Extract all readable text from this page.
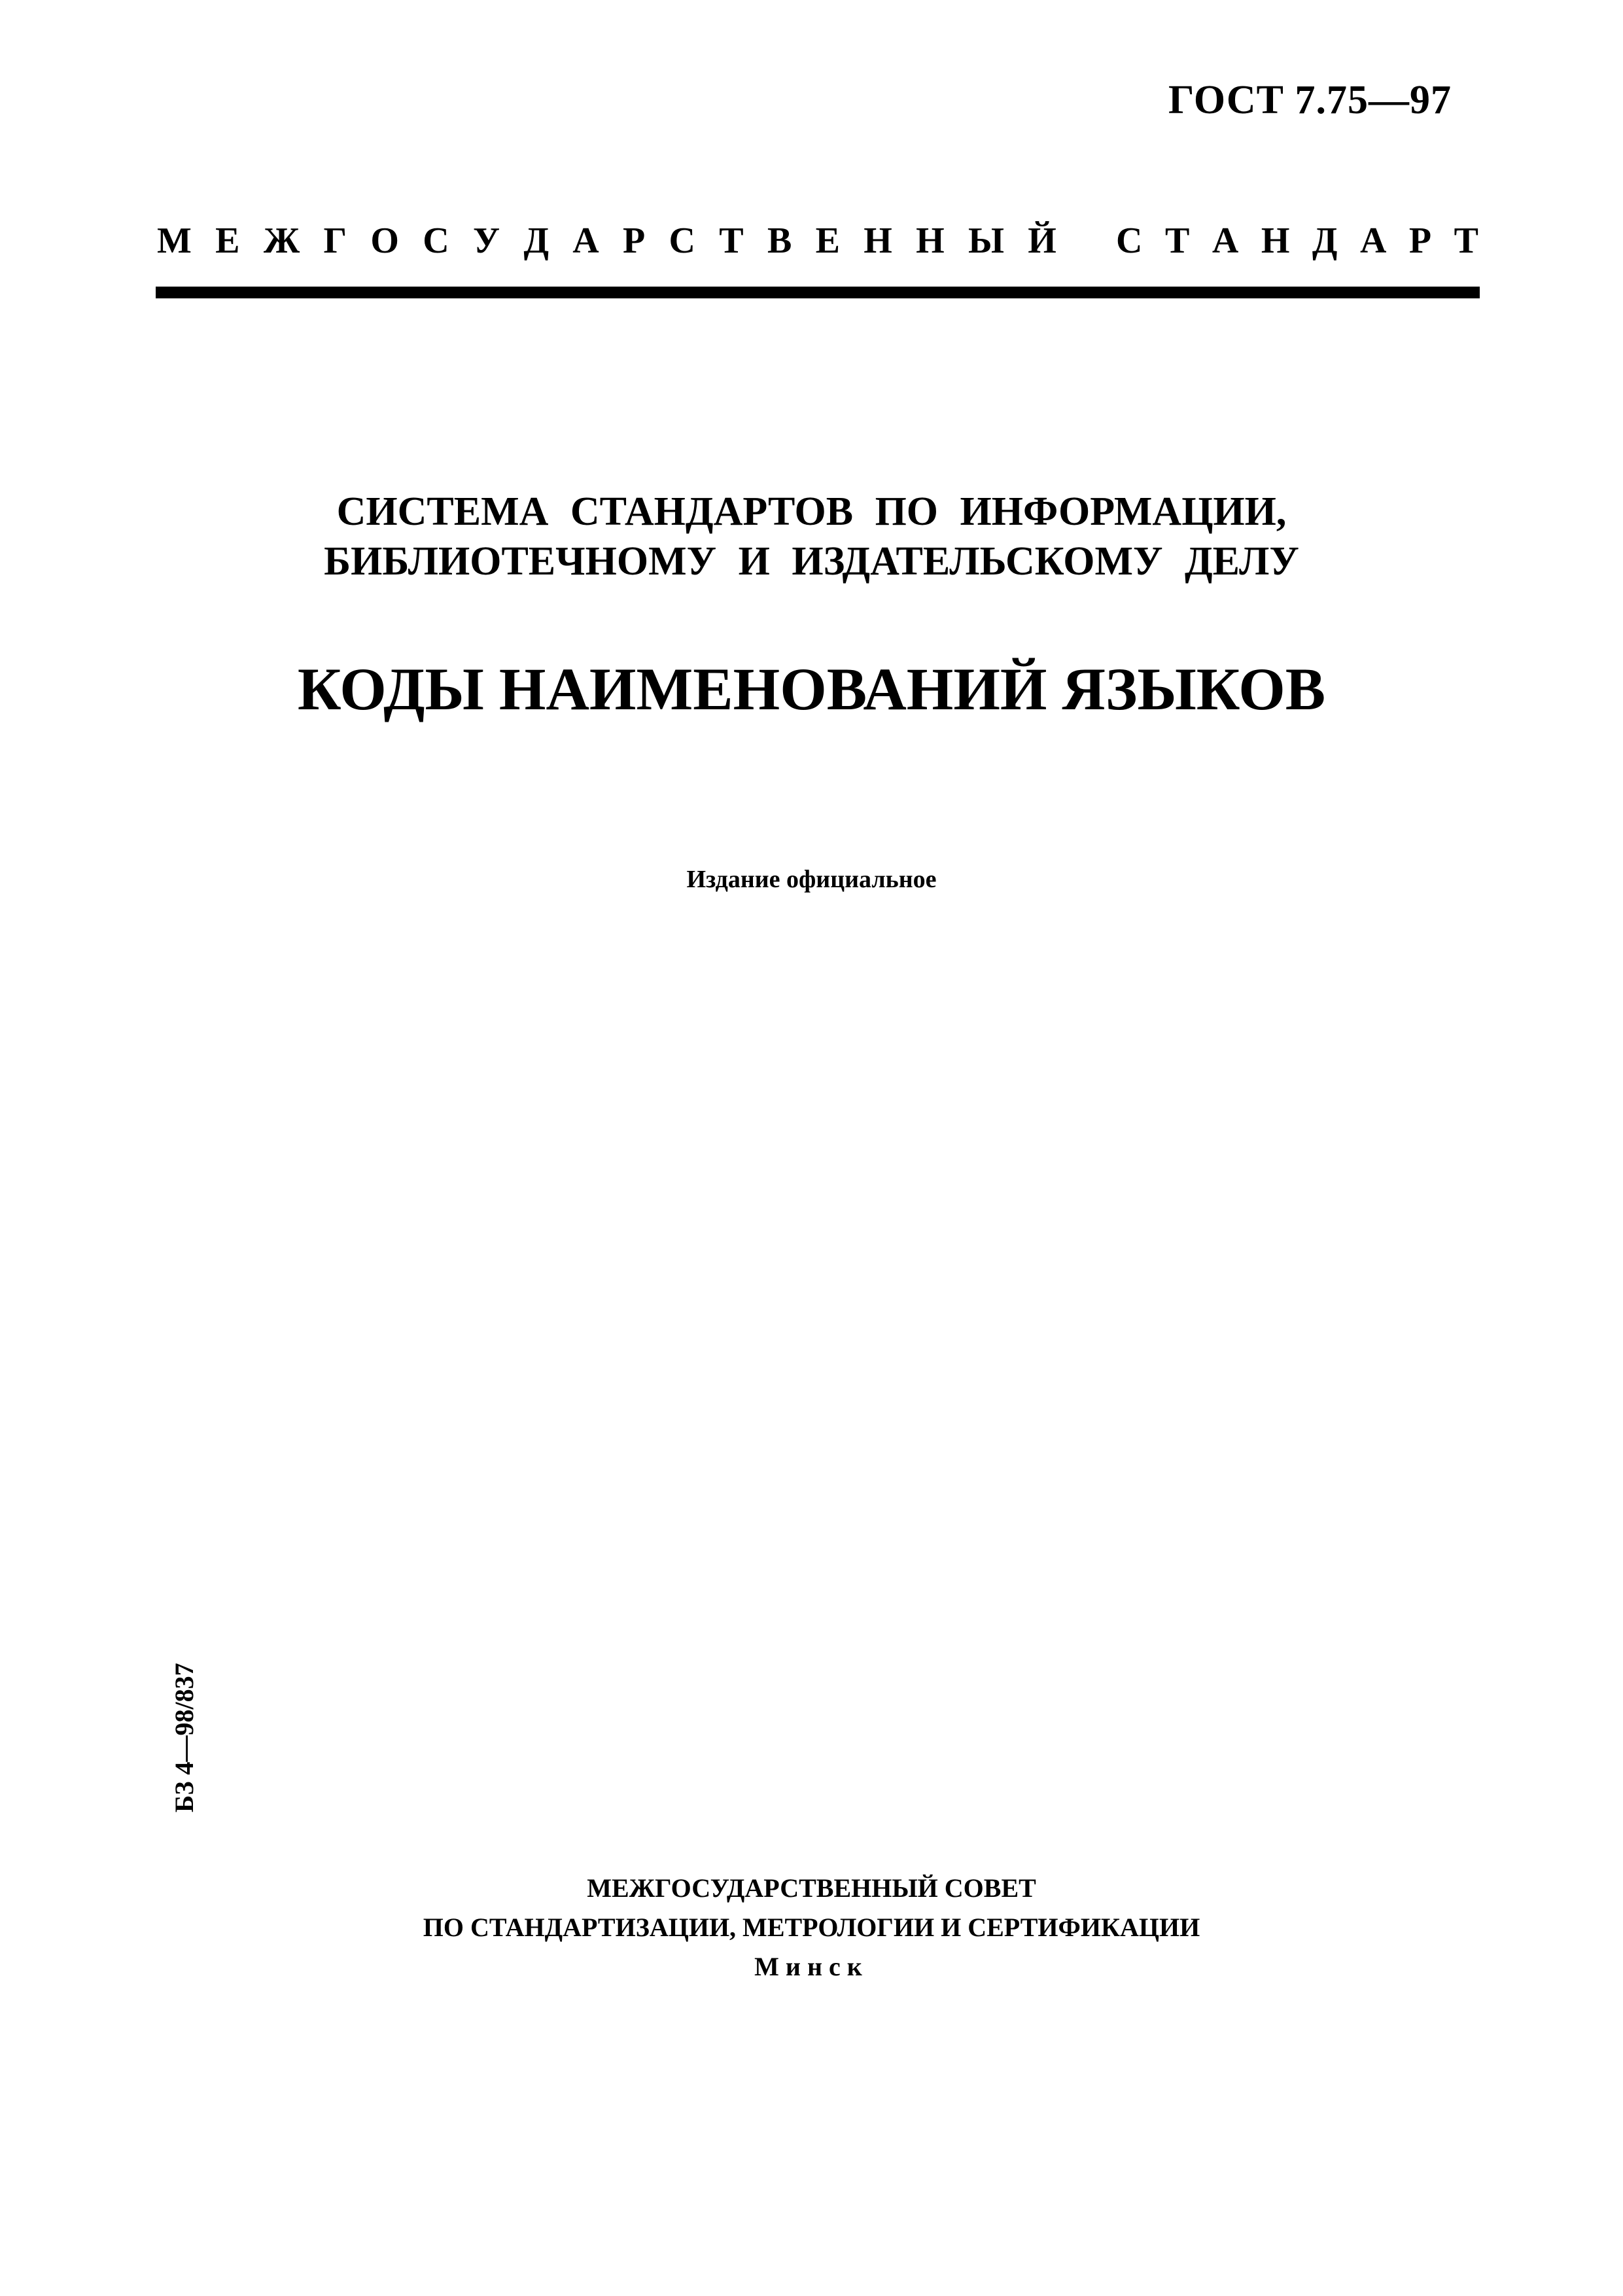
ГОСТ 7.75—97
М Е Ж Г О С У Д А Р С Т В Е Н Н Ы Й С Т А Н Д А Р Т
СИСТЕМА СТАНДАРТОВ ПО ИНФОРМАЦИИ,
БИБЛИОТЕЧНОМУ И ИЗДАТЕЛЬСКОМУ ДЕЛУ
КОДЫ НАИМЕНОВАНИЙ ЯЗЫКОВ
Издание официальное
БЗ 4—98/837
МЕЖГОСУДАРСТВЕННЫЙ СОВЕТ
ПО СТАНДАРТИЗАЦИИ, МЕТРОЛОГИИ И СЕРТИФИКАЦИИ
Минск
